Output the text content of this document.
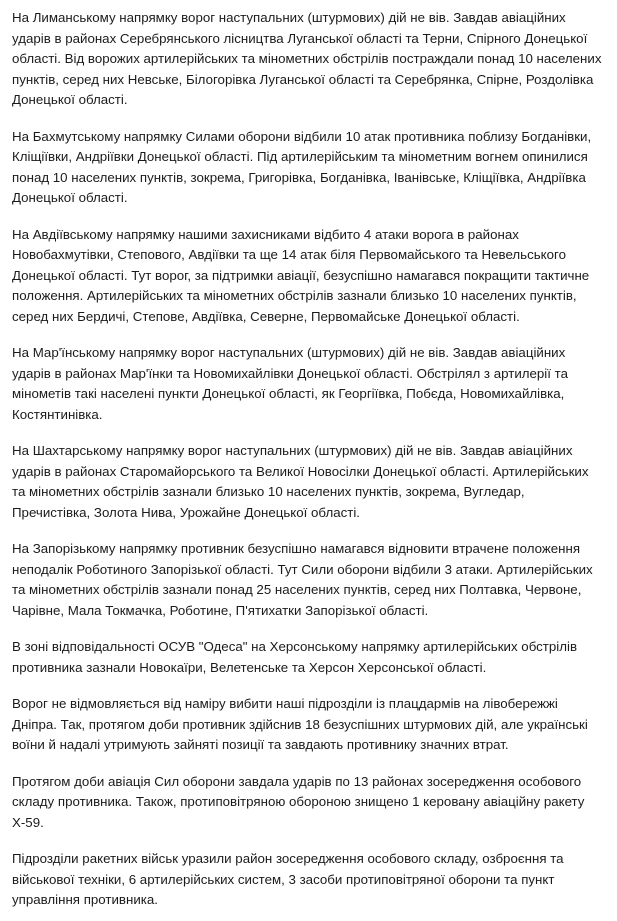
На Лиманському напрямку ворог наступальних (штурмових) дій не вів. Завдав авіаційних ударів в районах Серебрянського лісництва Луганської області та Терни, Спірного Донецької області. Від ворожих артилерійських та мінометних обстрілів постраждали понад 10 населених пунктів, серед них Невське, Білогорівка Луганської області та Серебрянка, Спірне, Роздолівка Донецької області.

На Бахмутському напрямку Силами оборони відбили 10 атак противника поблизу Богданівки, Кліщіївки, Андріївки Донецької області. Під артилерійським та мінометним вогнем опинилися понад 10 населених пунктів, зокрема, Григорівка, Богданівка, Іванівське, Кліщіївка, Андріївка Донецької області.

На Авдіївському напрямку нашими захисниками відбито 4 атаки ворога в районах Новобахмутівки, Степового, Авдіївки та ще 14 атак біля Первомайського та Невельського Донецької області. Тут ворог, за підтримки авіації, безуспішно намагався покращити тактичне положення. Артилерійських та мінометних обстрілів зазнали близько 10 населених пунктів, серед них Бердичі, Степове, Авдіївка, Северне, Первомайське Донецької області.

На Мар'їнському напрямку ворог наступальних (штурмових) дій не вів. Завдав авіаційних ударів в районах Мар'їнки та Новомихайлівки Донецької області. Обстрілял з артилерії та мінометів такі населені пункти Донецької області, як Георгіївка, Побєда, Новомихайлівка, Костянтинівка.

На Шахтарському напрямку ворог наступальних (штурмових) дій не вів. Завдав авіаційних ударів в районах Старомайорського та Великої Новосілки Донецької області. Артилерійських та мінометних обстрілів зазнали близько 10 населених пунктів, зокрема, Вугледар, Пречистівка, Золота Нива, Урожайне Донецької області.

На Запорізькому напрямку противник безуспішно намагався відновити втрачене положення неподалік Роботиного Запорізької області. Тут Сили оборони відбили 3 атаки. Артилерійських та мінометних обстрілів зазнали понад 25 населених пунктів, серед них Полтавка, Червоне, Чарівне, Мала Токмачка, Роботине, П'ятихатки Запорізької області.

В зоні відповідальності ОСУВ "Одеса" на Херсонському напрямку артилерійських обстрілів противника зазнали Новокаїри, Велетенське та Херсон Херсонської області.

Ворог не відмовляється від наміру вибити наші підрозділи із плацдармів на лівобережжі Дніпра. Так, протягом доби противник здійснив 18 безуспішних штурмових дій, але українські воїни й надалі утримують зайняті позиції та завдають противнику значних втрат.

Протягом доби авіація Сил оборони завдала ударів по 13 районах зосередження особового складу противника. Також, протиповітряною обороною знищено 1 керовану авіаційну ракету Х-59.

Підрозділи ракетних військ уразили район зосередження особового складу, озброєння та військової техніки, 6 артилерійських систем, 3 засоби протиповітряної оборони та пункт управління противника.
